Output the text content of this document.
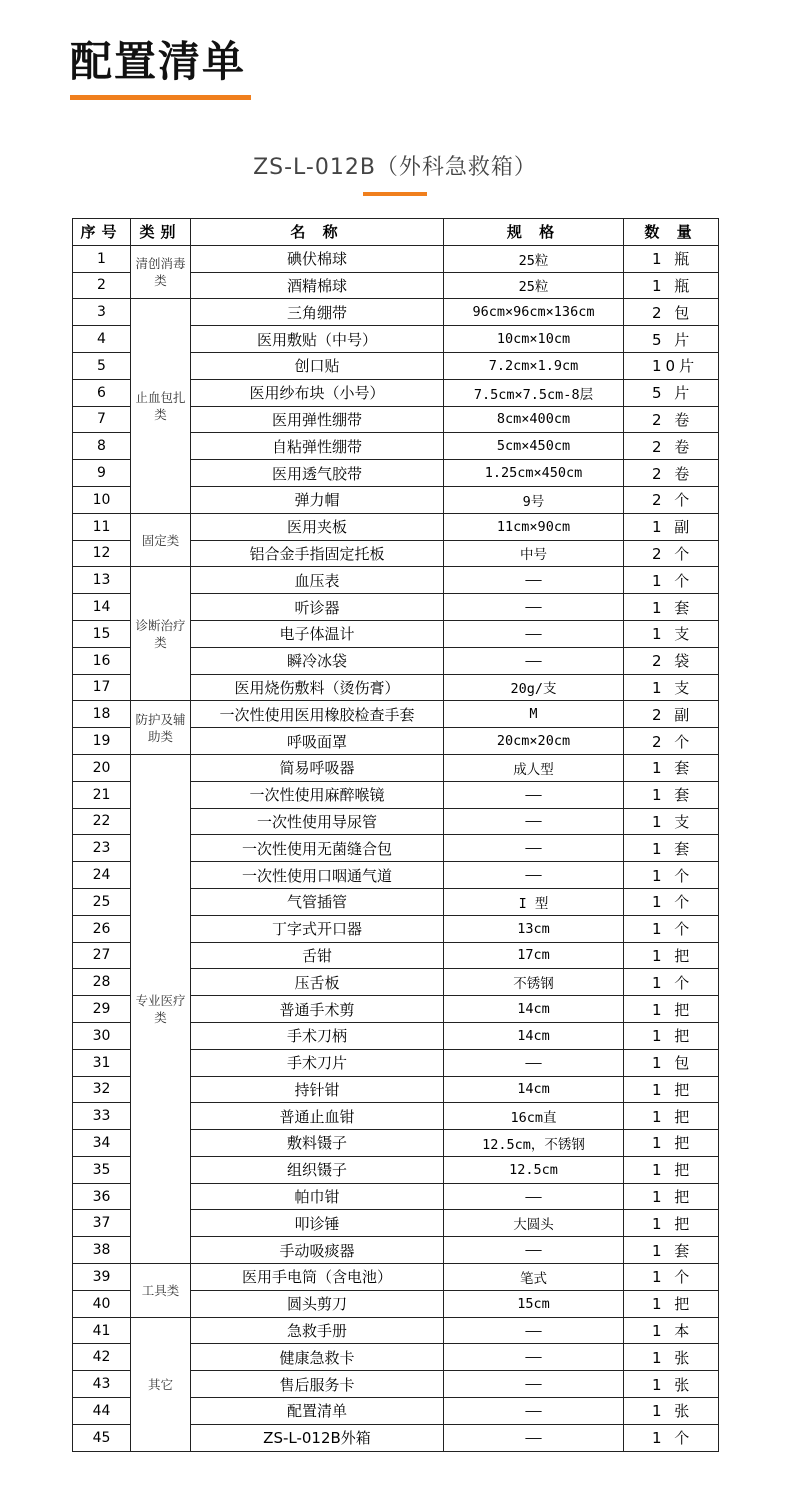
配置清单
ZS-L-012B（外科急救箱）
序号	类别	名 称	规 格	数 量
1	清创消毒类	碘伏棉球	25粒	1 瓶
2		酒精棉球	25粒	1 瓶
3	止血包扎类	三角绷带	96cm×96cm×136cm	2 包
4		医用敷贴（中号）	10cm×10cm	5 片
5		创口贴	7.2cm×1.9cm	10片
6		医用纱布块（小号）	7.5cm×7.5cm-8层	5 片
7		医用弹性绷带	8cm×400cm	2 卷
8		自粘弹性绷带	5cm×450cm	2 卷
9		医用透气胶带	1.25cm×450cm	2 卷
10		弹力帽	9号	2 个
11	固定类	医用夹板	11cm×90cm	1 副
12		铝合金手指固定托板	中号	2 个
13	诊断治疗类	血压表	——	1 个
14		听诊器	——	1 套
15		电子体温计	——	1 支
16		瞬冷冰袋	——	2 袋
17		医用烧伤敷料（烫伤膏）	20g/支	1 支
18	防护及辅助类	一次性使用医用橡胶检查手套	M	2 副
19		呼吸面罩	20cm×20cm	2 个
20	专业医疗类	简易呼吸器	成人型	1 套
21		一次性使用麻醉喉镜	——	1 套
22		一次性使用导尿管	——	1 支
23		一次性使用无菌缝合包	——	1 套
24		一次性使用口咽通气道	——	1 个
25		气管插管	I 型	1 个
26		丁字式开口器	13cm	1 个
27		舌钳	17cm	1 把
28		压舌板	不锈钢	1 个
29		普通手术剪	14cm	1 把
30		手术刀柄	14cm	1 把
31		手术刀片	——	1 包
32		持针钳	14cm	1 把
33		普通止血钳	16cm直	1 把
34		敷料镊子	12.5cm，不锈钢	1 把
35		组织镊子	12.5cm	1 把
36		帕巾钳	——	1 把
37		叩诊锤	大圆头	1 把
38		手动吸痰器	——	1 套
39	工具类	医用手电筒（含电池）	笔式	1 个
40		圆头剪刀	15cm	1 把
41	其它	急救手册	——	1 本
42		健康急救卡	——	1 张
43		售后服务卡	——	1 张
44		配置清单	——	1 张
45		ZS-L-012B外箱	——	1 个
